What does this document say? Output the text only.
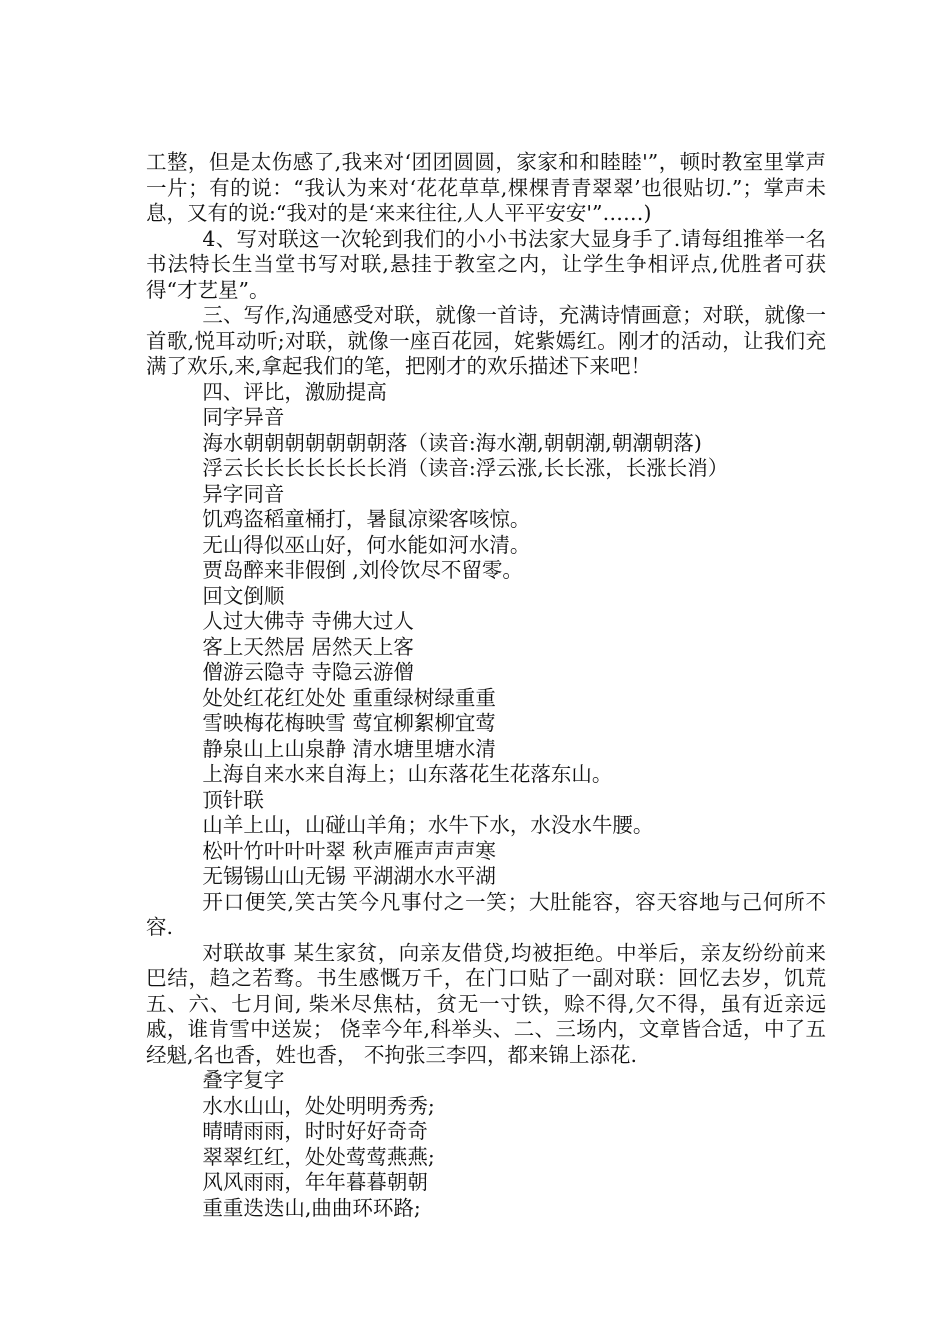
工整，但是太伤感了,我来对‘团团圆圆，家家和和睦睦'”，顿时教室里掌声一片；有的说：“我认为来对‘花花草草,棵棵青青翠翠’也很贴切.”；掌声未息，又有的说:“我对的是‘来来往往,人人平平安安'”……)

4、写对联这一次轮到我们的小小书法家大显身手了.请每组推举一名书法特长生当堂书写对联,悬挂于教室之内，让学生争相评点,优胜者可获得“才艺星”。

三、写作,沟通感受对联，就像一首诗，充满诗情画意；对联，就像一首歌,悦耳动听;对联，就像一座百花园，姹紫嫣红。刚才的活动，让我们充满了欢乐,来,拿起我们的笔，把刚才的欢乐描述下来吧！

四、评比，激励提高

同字异音

海水朝朝朝朝朝朝朝落（读音:海水潮,朝朝潮,朝潮朝落)

浮云长长长长长长长消（读音:浮云涨,长长涨，长涨长消）

异字同音

饥鸡盗稻童桶打，暑鼠凉梁客咳惊。

无山得似巫山好，何水能如河水清。

贾岛醉来非假倒 ,刘伶饮尽不留零。

回文倒顺

人过大佛寺 寺佛大过人

客上天然居 居然天上客

僧游云隐寺 寺隐云游僧

处处红花红处处 重重绿树绿重重

雪映梅花梅映雪 莺宜柳絮柳宜莺

静泉山上山泉静 清水塘里塘水清

上海自来水来自海上；山东落花生花落东山。

顶针联

山羊上山，山碰山羊角；水牛下水，水没水牛腰。

松叶竹叶叶叶翠 秋声雁声声声寒

无锡锡山山无锡 平湖湖水水平湖

开口便笑,笑古笑今凡事付之一笑；大肚能容，容天容地与己何所不容.

对联故事 某生家贫，向亲友借贷,均被拒绝。中举后，亲友纷纷前来巴结，趋之若骛。书生感慨万千，在门口贴了一副对联：回忆去岁，饥荒五、六、七月间, 柴米尽焦枯，贫无一寸铁，赊不得,欠不得，虽有近亲远戚，谁肯雪中送炭； 侥幸今年,科举头、二、三场内，文章皆合适，中了五经魁,名也香，姓也香， 不拘张三李四，都来锦上添花.

叠字复字

水水山山，处处明明秀秀;

晴晴雨雨，时时好好奇奇

翠翠红红，处处莺莺燕燕;

风风雨雨，年年暮暮朝朝

重重迭迭山,曲曲环环路;
